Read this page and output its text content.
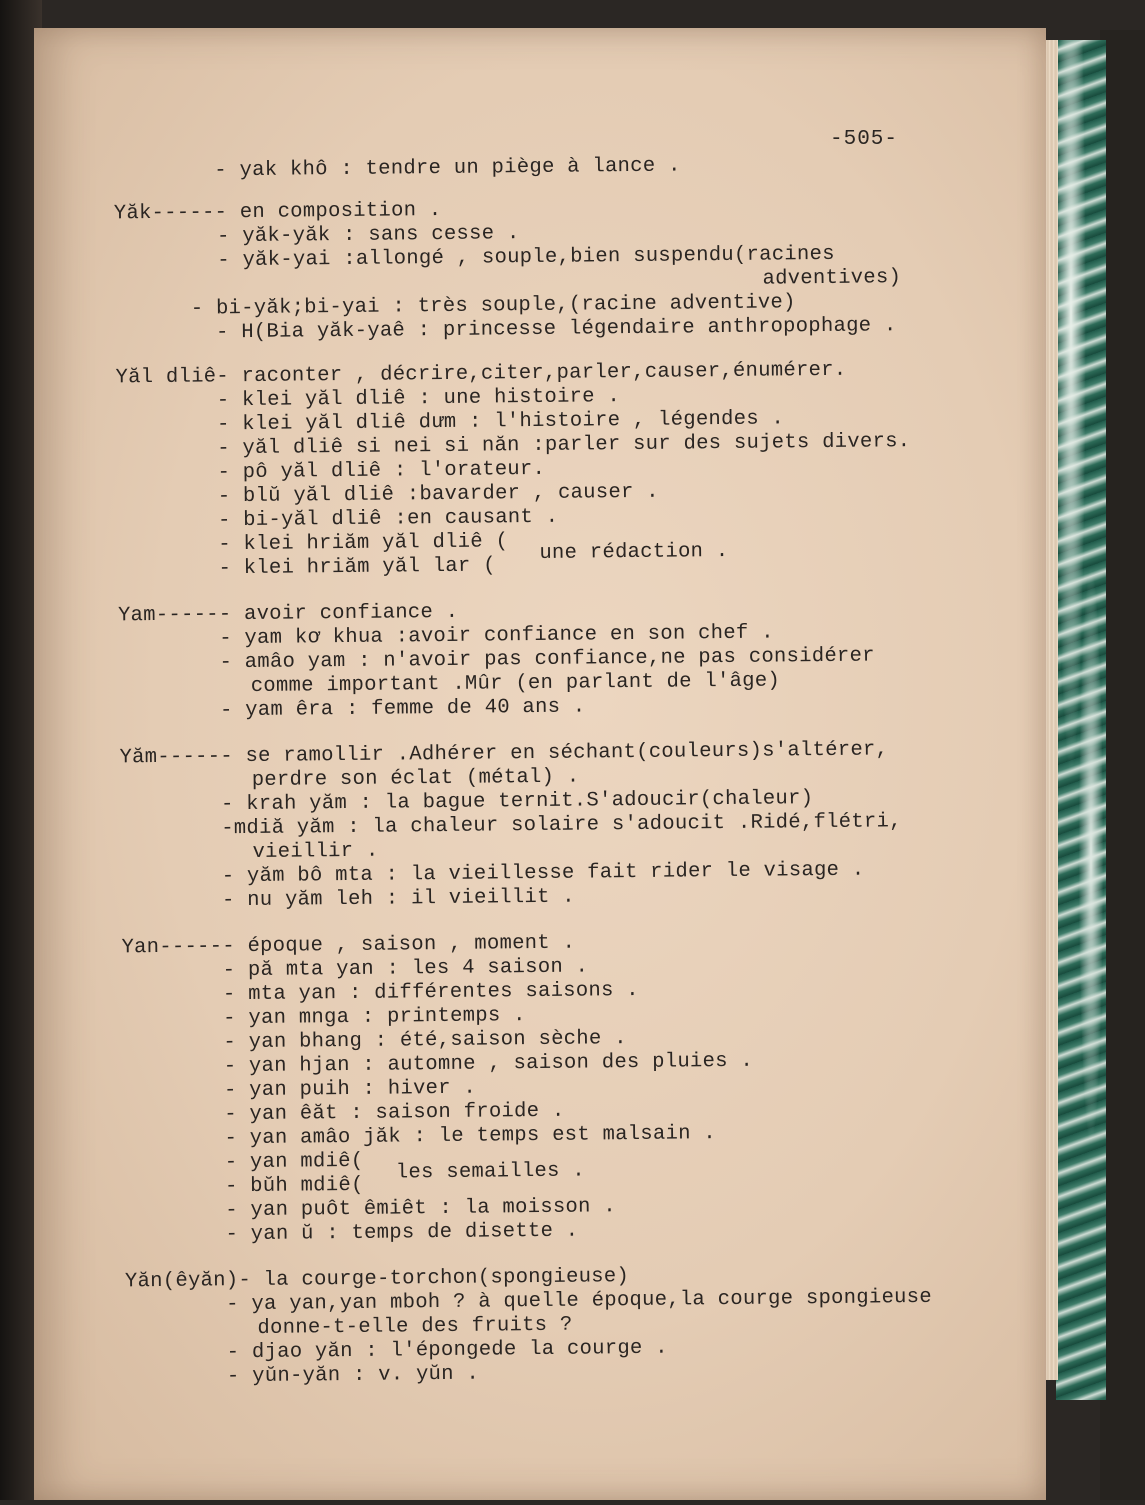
-505-
- yak khô : tendre un piège à lance .
Yăk------ en composition .
- yăk-yăk : sans cesse .
- yăk-yai :allongé , souple,bien suspendu(racines
adventives)
- bi-yăk;bi-yai : très souple,(racine adventive)
- H(Bia yăk-yaê : princesse légendaire anthropophage .
Yăl dliê- raconter , décrire,citer,parler,causer,énumérer.
- klei yăl dliê : une histoire .
- klei yăl dliê dưm : l'histoire , légendes .
- yăl dliê si nei si năn :parler sur des sujets divers.
- pô yăl dliê : l'orateur.
- blŭ yăl dliê :bavarder , causer .
- bi-yăl dliê :en causant .
- klei hriăm yăl dliê (
- klei hriăm yăl lar (
une rédaction .
Yam------ avoir confiance .
- yam kơ khua :avoir confiance en son chef .
- amâo yam : n'avoir pas confiance,ne pas considérer
comme important .Mûr (en parlant de l'âge)
- yam êra : femme de 40 ans .
Yăm------ se ramollir .Adhérer en séchant(couleurs)s'altérer,
perdre son éclat (métal) .
- krah yăm : la bague ternit.S'adoucir(chaleur)
-mdiă yăm : la chaleur solaire s'adoucit .Ridé,flétri,
vieillir .
- yăm bô mta : la vieillesse fait rider le visage .
- nu yăm leh : il vieillit .
Yan------ époque , saison , moment .
- pă mta yan : les 4 saison .
- mta yan : différentes saisons .
- yan mnga : printemps .
- yan bhang : été,saison sèche .
- yan hjan : automne , saison des pluies .
- yan puih : hiver .
- yan êăt : saison froide .
- yan amâo jăk : le temps est malsain .
- yan mdiê(
- bŭh mdiê(
les semailles .
- yan puôt êmiêt : la moisson .
- yan ŭ : temps de disette .
Yăn(êyăn)- la courge-torchon(spongieuse)
- ya yan,yan mboh ? à quelle époque,la courge spongieuse
donne-t-elle des fruits ?
- djao yăn : l'épongede la courge .
- yŭn-yăn : v. yŭn .
